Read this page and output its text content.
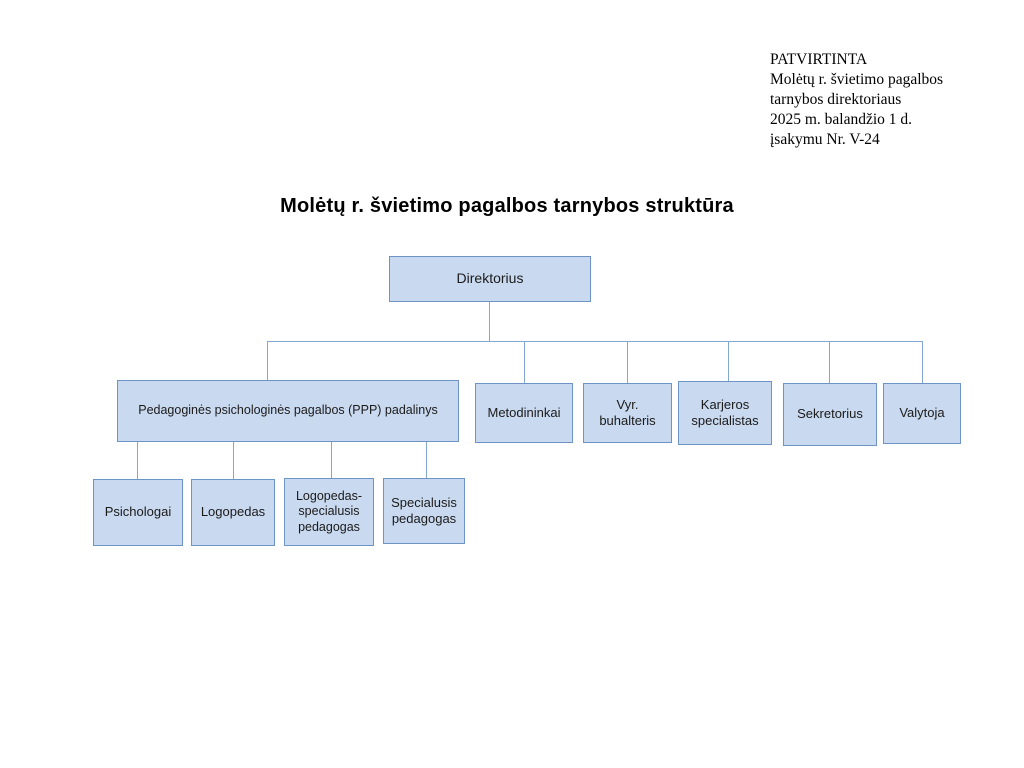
PATVIRTINTA
Molėtų r. švietimo pagalbos
tarnybos direktoriaus
2025 m. balandžio 1 d.
įsakymu Nr. V-24
Molėtų r. švietimo pagalbos tarnybos struktūra
Direktorius
Pedagoginės psichologinės pagalbos (PPP) padalinys	Metodininkai
Vyr. buhalteris
Karjeros specialistas	Sekretorius	Valytoja
Psichologai Logopedas
Logopedas-specialusis pedagogas
Specialusis pedagogas
